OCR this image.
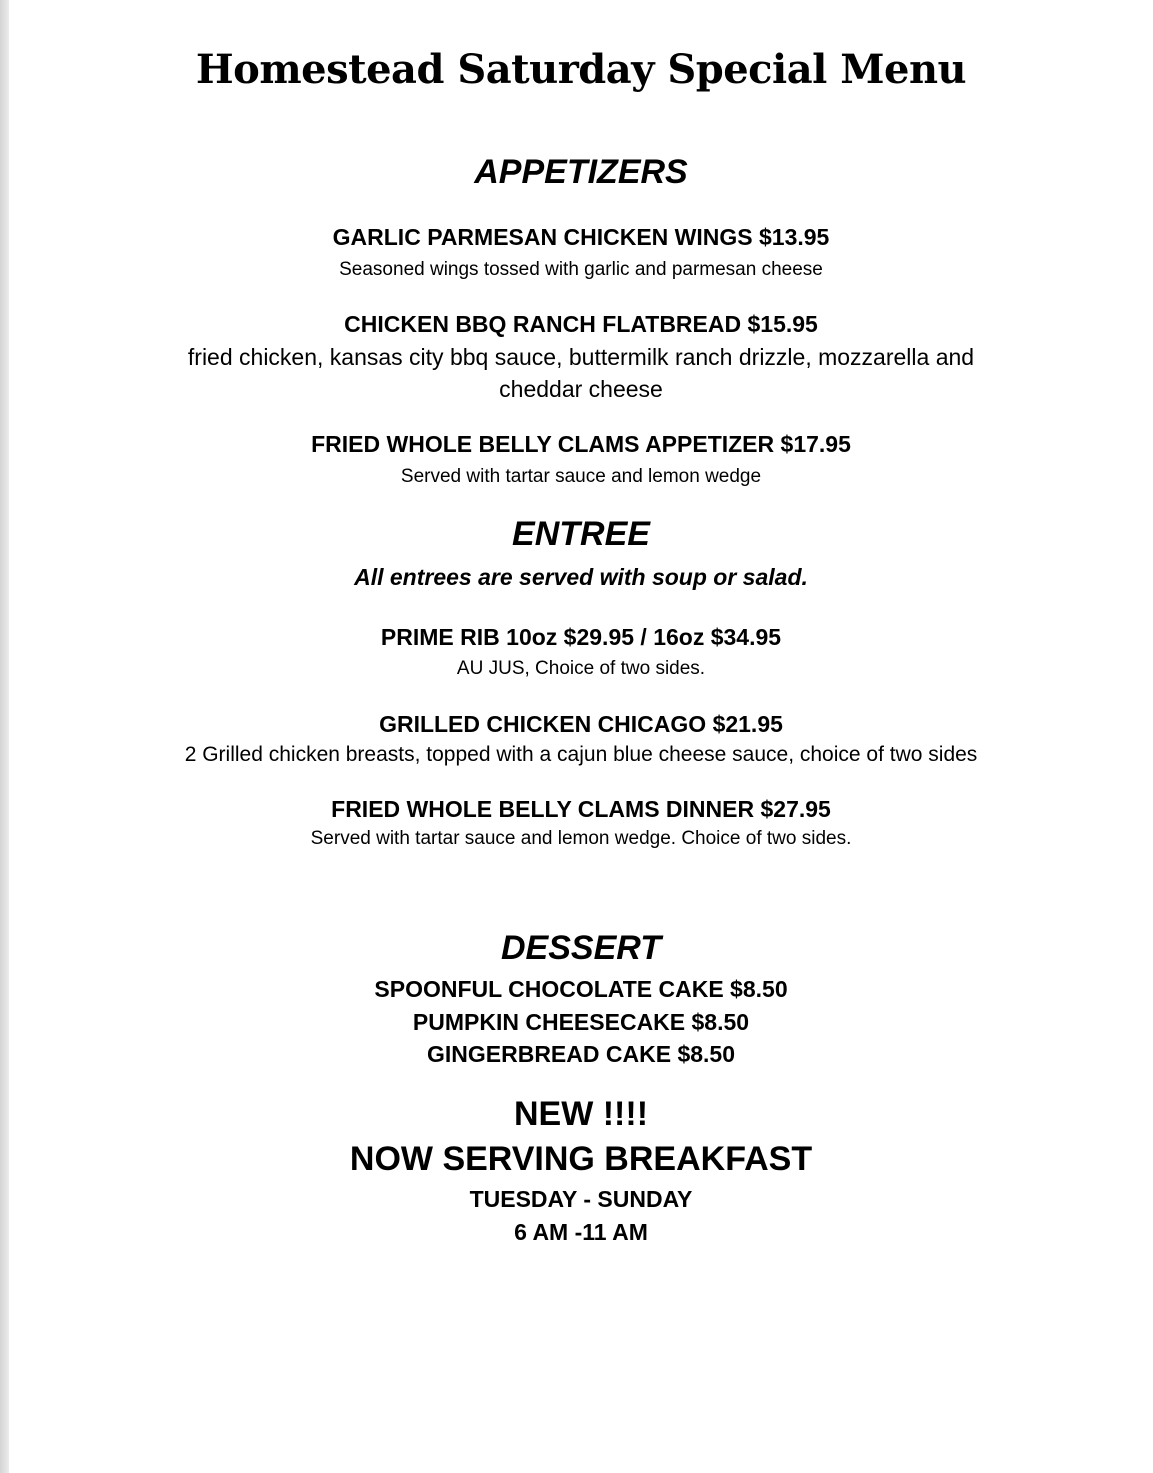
Homestead Saturday Special Menu
APPETIZERS
GARLIC PARMESAN CHICKEN WINGS $13.95
Seasoned wings tossed with garlic and parmesan cheese
CHICKEN BBQ RANCH FLATBREAD $15.95
fried chicken, kansas city bbq sauce, buttermilk ranch drizzle, mozzarella and
cheddar cheese
FRIED WHOLE BELLY CLAMS APPETIZER $17.95
Served with tartar sauce and lemon wedge
ENTREE
All entrees are served with soup or salad.
PRIME RIB 10oz $29.95 / 16oz $34.95
AU JUS, Choice of two sides.
GRILLED CHICKEN CHICAGO $21.95
2 Grilled chicken breasts, topped with a cajun blue cheese sauce, choice of two sides
FRIED WHOLE BELLY CLAMS DINNER $27.95
Served with tartar sauce and lemon wedge. Choice of two sides.
DESSERT
SPOONFUL CHOCOLATE CAKE $8.50
PUMPKIN CHEESECAKE $8.50
GINGERBREAD CAKE $8.50
NEW !!!!
NOW SERVING BREAKFAST
TUESDAY - SUNDAY
6 AM -11 AM
